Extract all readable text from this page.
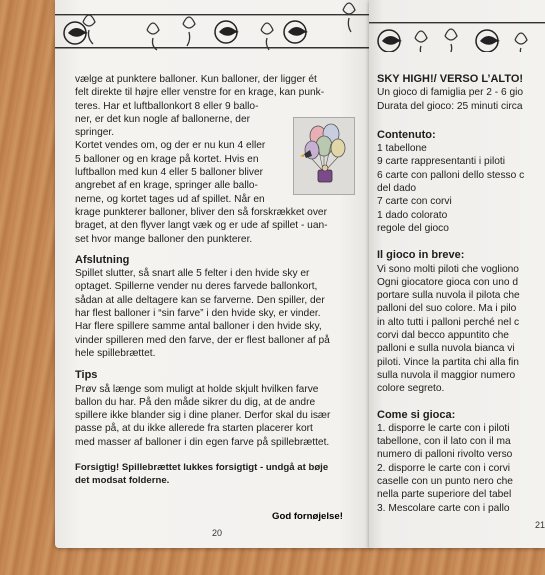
vælge at punktere balloner. Kun balloner, der ligger ét

felt direkte til højre eller venstre for en krage, kan punk-

teres. Har et luftballonkort 8 eller 9 ballo-

ner, er det kun nogle af ballonerne, der

springer.

Kortet vendes om, og der er nu kun 4 eller

5 balloner og en krage på kortet. Hvis en

luftballon med kun 4 eller 5 balloner bliver

angrebet af en krage, springer alle ballo-

nerne, og kortet tages ud af spillet. Når en

krage punkterer balloner, bliver den så forskrækket over

braget, at den flyver langt væk og er ude af spillet - uan-

set hvor mange balloner den punkterer.

Afslutning

Spillet slutter, så snart alle 5 felter i den hvide sky er

optaget. Spillerne vender nu deres farvede ballonkort,

sådan at alle deltagere kan se farverne. Den spiller, der

har flest balloner i “sin farve” i den hvide sky, er vinder.

Har flere spillere samme antal balloner i den hvide sky,

vinder spilleren med den farve, der er flest balloner af på

hele spillebrættet.

Tips

Prøv så længe som muligt at holde skjult hvilken farve

ballon du har. På den måde sikrer du dig, at de andre

spillere ikke blander sig i dine planer. Derfor skal du især

passe på, at du ikke allerede fra starten placerer kort

med masser af balloner i din egen farve på spillebrættet.

Forsigtig! Spillebrættet lukkes forsigtigt - undgå at bøje

det modsat folderne.

God fornøjelse!

20

SKY HIGH!/ VERSO L’ALTO!

Un gioco di famiglia per 2 - 6 gio

Durata del gioco: 25 minuti circa

Contenuto:

1 tabellone

9 carte rappresentanti i piloti

6 carte con palloni dello stesso c

del dado

7 carte con corvi

1 dado colorato

regole del gioco

Il gioco in breve:

Vi sono molti piloti che vogliono

Ogni giocatore gioca con uno d

portare sulla nuvola il pilota che

palloni del suo colore. Ma i pilo

in alto tutti i palloni perché nel c

corvi dal becco appuntito che

palloni e sulla nuvola bianca vi

piloti. Vince la partita chi alla fin

sulla nuvola il maggior numero

colore segreto.

Come si gioca:

1. disporre le carte con i piloti

tabellone, con il lato con il ma

numero di palloni rivolto verso

2. disporre le carte con i corvi

caselle con un punto nero che

nella parte superiore del tabel

3. Mescolare carte con i pallo

21
